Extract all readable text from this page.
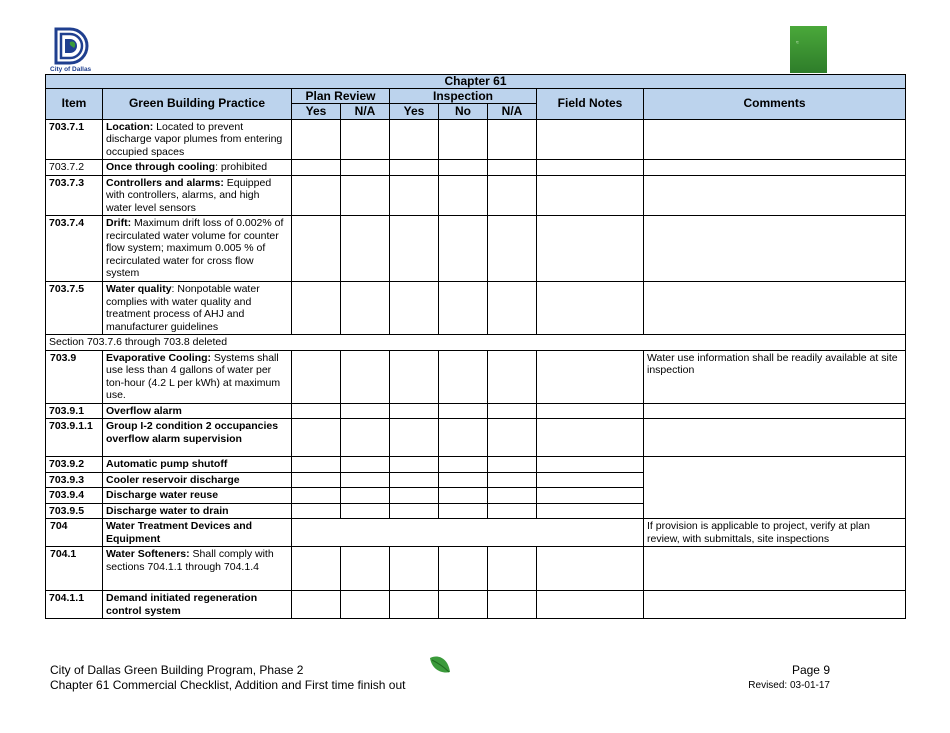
City of Dallas
≈
Chapter 61								
Item	Green Building Practice	Plan Review		Inspection			Field Notes	Comments
		Yes	N/A	Yes	No	N/A		
703.7.1	Location: Located to prevent discharge vapor plumes from entering occupied spaces							
703.7.2	Once through cooling: prohibited							
703.7.3	Controllers and alarms: Equipped with controllers, alarms, and high water level sensors							
703.7.4	Drift: Maximum drift loss of 0.002% of recirculated water volume for counter flow system; maximum 0.005 % of recirculated water for cross flow system							
703.7.5	Water quality: Nonpotable water complies with water quality and treatment process of AHJ and manufacturer guidelines							
Section 703.7.6 through 703.8 deleted								
703.9	Evaporative Cooling: Systems shall use less than 4 gallons of water per ton-hour (4.2 L per kWh) at maximum use.							Water use information shall be readily available at site inspection
703.9.1	Overflow alarm							
703.9.1.1	Group I-2 condition 2 occupancies overflow alarm supervision							
703.9.2	Automatic pump shutoff							
703.9.3	Cooler reservoir discharge							
703.9.4	Discharge water reuse							
703.9.5	Discharge water to drain							
704	Water Treatment Devices and Equipment							If provision is applicable to project, verify at plan review, with submittals, site inspections
704.1	Water Softeners: Shall comply with sections 704.1.1 through 704.1.4							
704.1.1	Demand initiated regeneration control system							
City of Dallas Green Building Program, Phase 2
Chapter 61 Commercial Checklist, Addition and First time finish out
Page 9
Revised: 03-01-17
